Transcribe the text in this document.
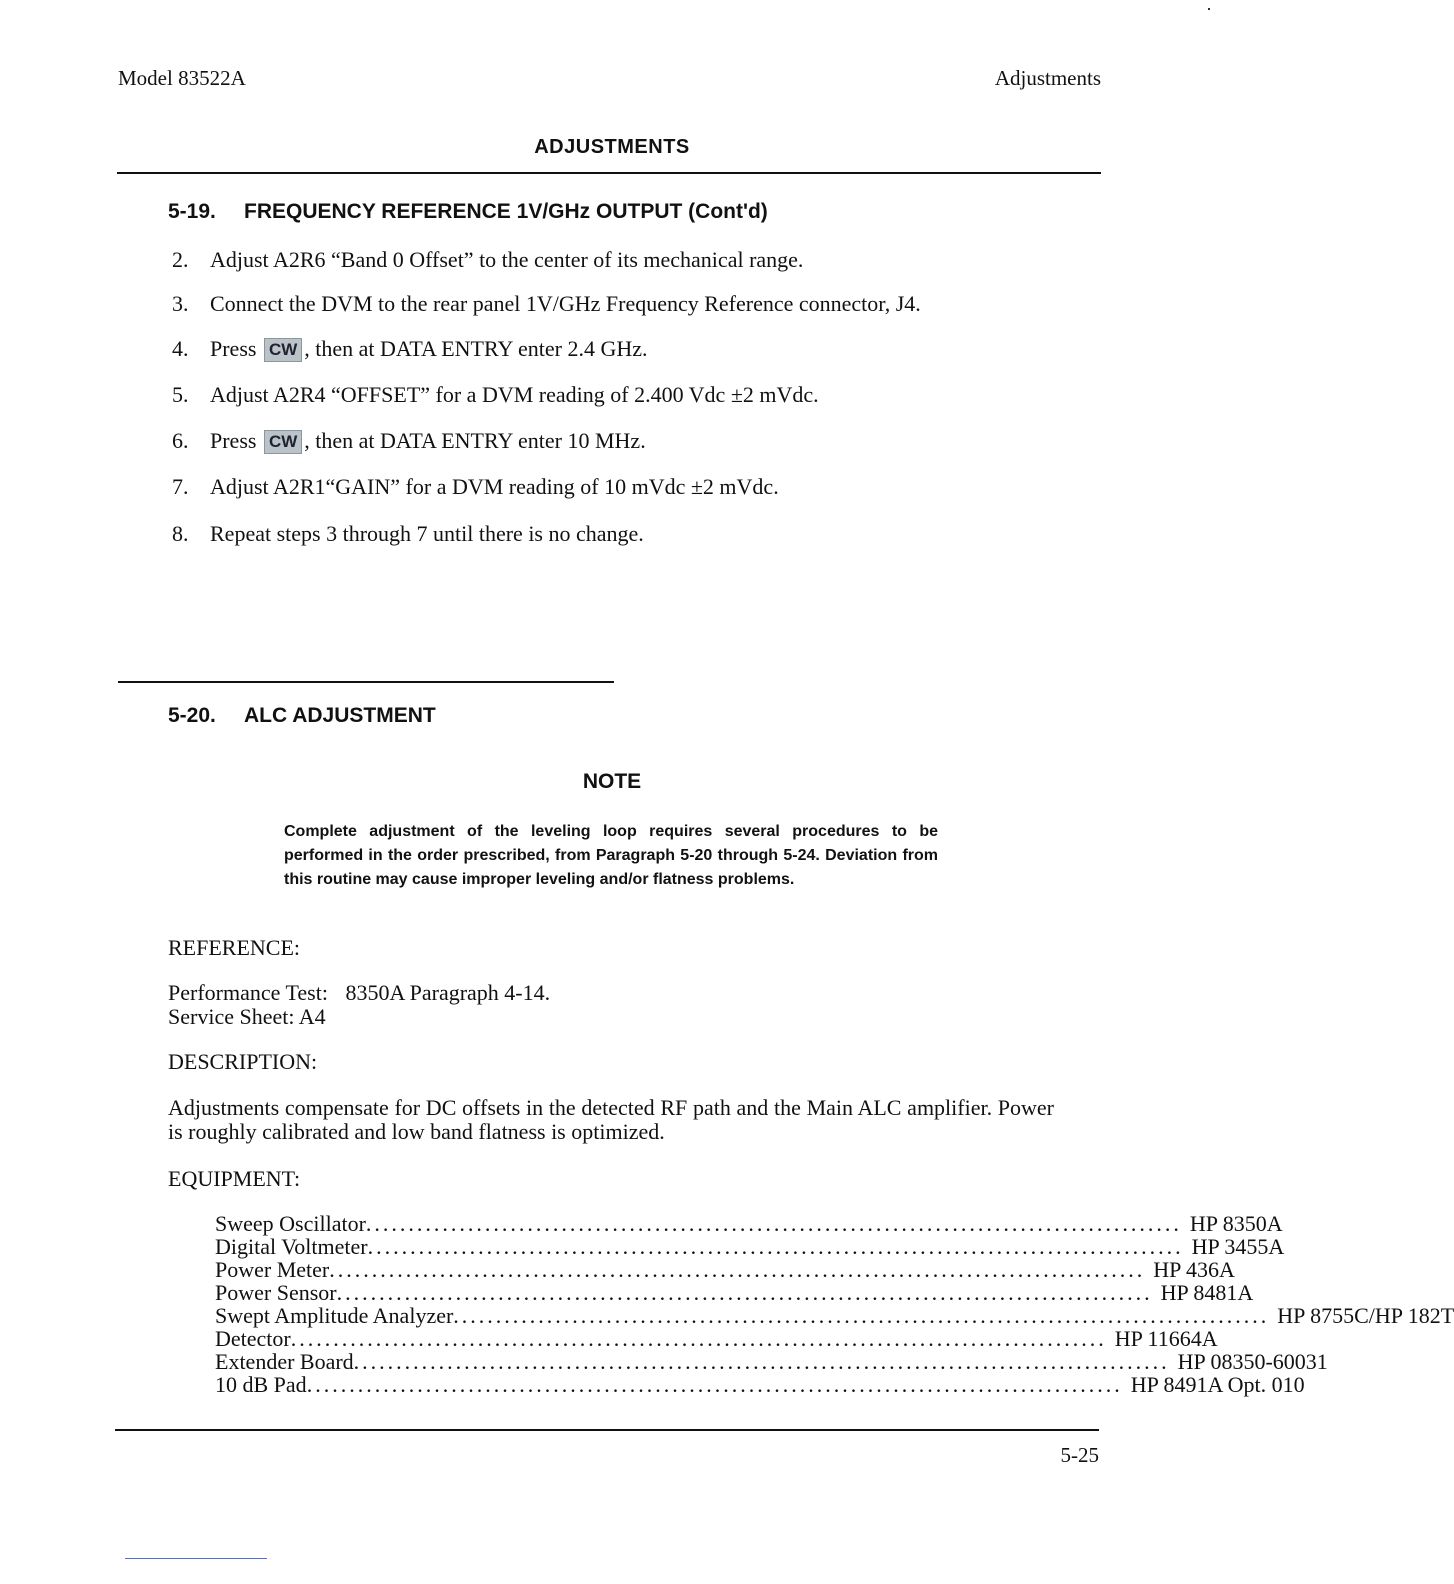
Model 83522A	Adjustments
ADJUSTMENTS
5-19. FREQUENCY REFERENCE 1V/GHz OUTPUT (Cont'd)
2. Adjust A2R6 “Band 0 Offset” to the center of its mechanical range.
3. Connect the DVM to the rear panel 1V/GHz Frequency Reference connector, J4.
4. Press CW , then at DATA ENTRY enter 2.4 GHz.
5. Adjust A2R4 “OFFSET” for a DVM reading of 2.400 Vdc ±2 mVdc.
6. Press CW , then at DATA ENTRY enter 10 MHz.
7. Adjust A2R1“GAIN” for a DVM reading of 10 mVdc ±2 mVdc.
8. Repeat steps 3 through 7 until there is no change.
5-20. ALC ADJUSTMENT
NOTE
Complete adjustment of the leveling loop requires several procedures to be performed in the order prescribed, from Paragraph 5-20 through 5-24. Deviation from this routine may cause improper leveling and/or flatness problems.
REFERENCE:
Performance Test: 8350A Paragraph 4-14.
Service Sheet: A4
DESCRIPTION:
Adjustments compensate for DC offsets in the detected RF path and the Main ALC amplifier. Power is roughly calibrated and low band flatness is optimized.
EQUIPMENT:
Sweep Oscillator ................................................................................................ HP 8350A
Digital Voltmeter ................................................................................................ HP 3455A
Power Meter ................................................................................................ HP 436A
Power Sensor ................................................................................................ HP 8481A
Swept Amplitude Analyzer ................................................................................................ HP 8755C/HP 182T
Detector ................................................................................................ HP 11664A
Extender Board ................................................................................................ HP 08350-60031
10 dB Pad ................................................................................................ HP 8491A Opt. 010
5-25
